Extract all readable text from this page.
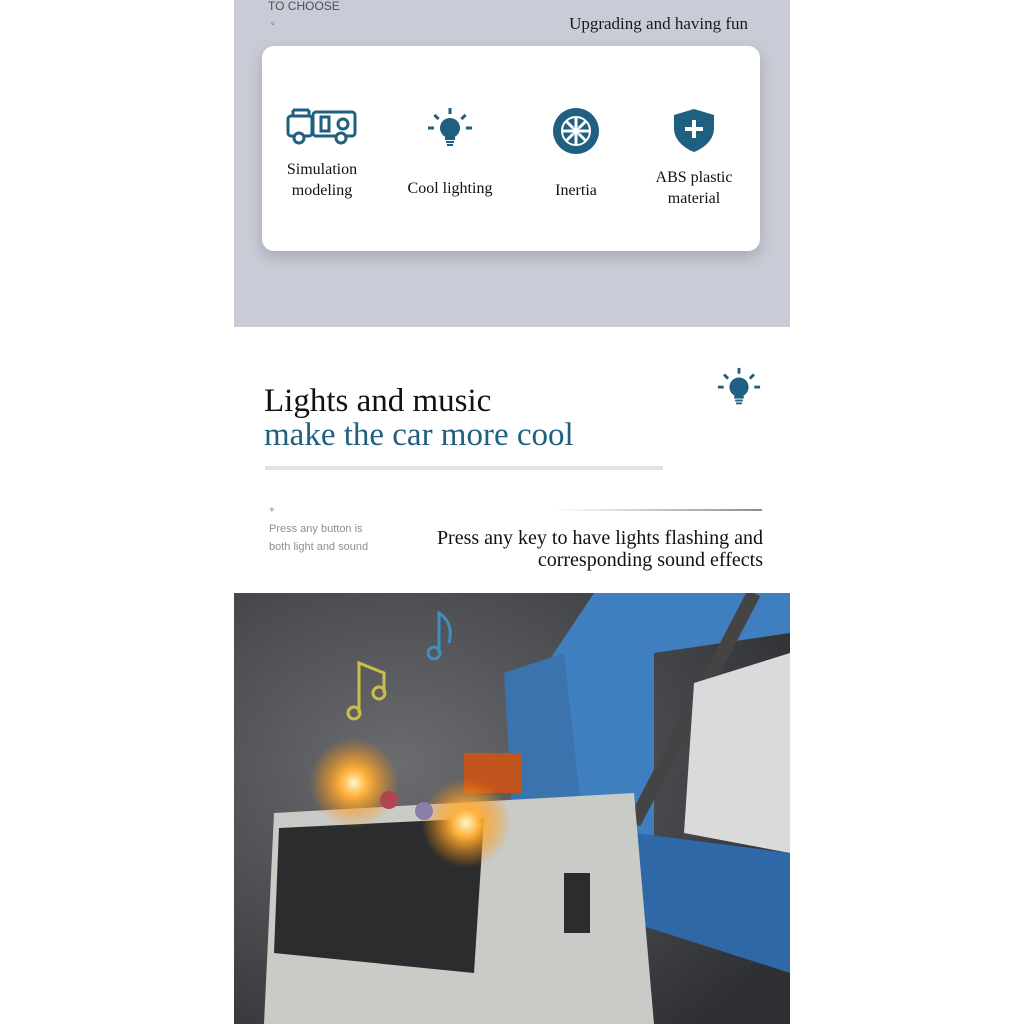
TO CHOOSE
∘	Upgrading and having fun
Simulation modeling	Cool lighting	Inertia
ABS plastic material
Lights and music
make the car more cool
+
Press any button is both light and sound	Press any key to have lights flashing and corresponding sound effects
